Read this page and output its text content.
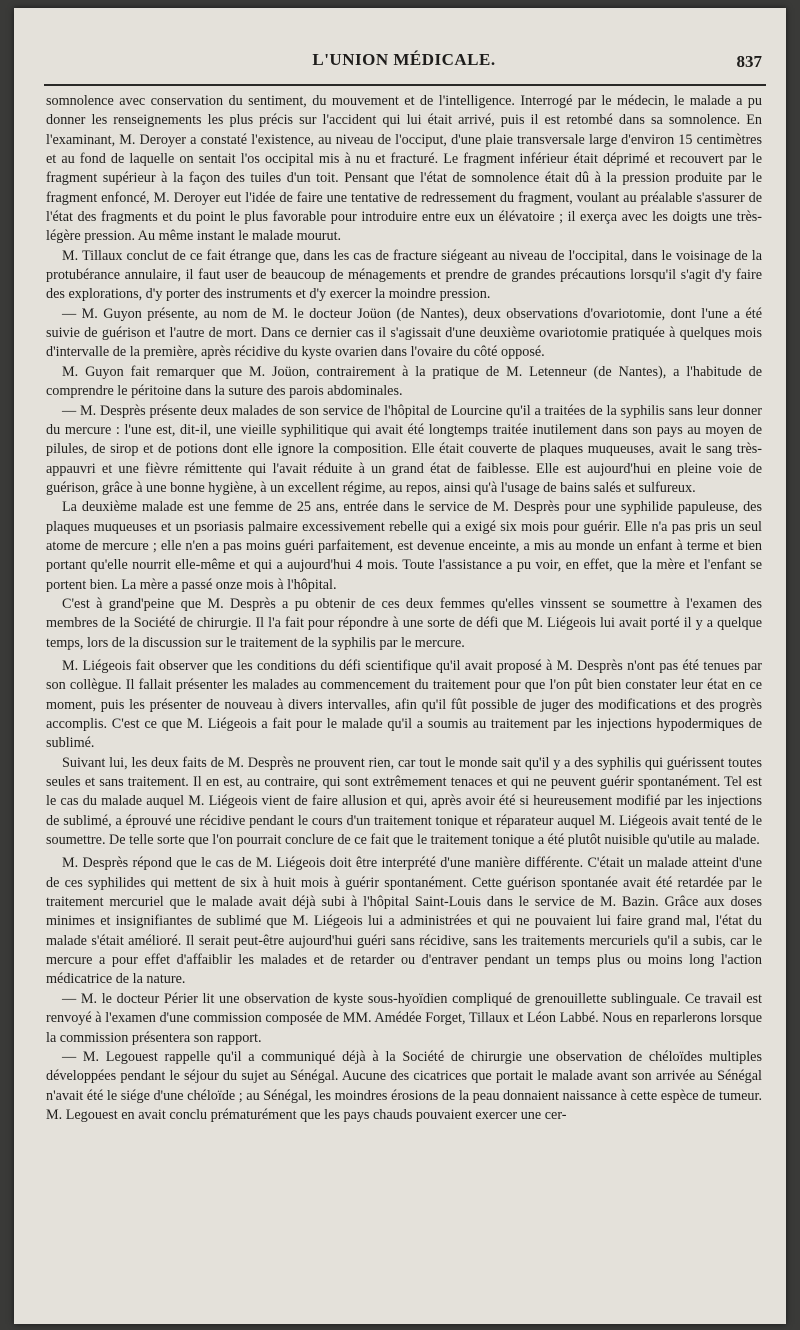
L'UNION MÉDICALE.	837

somnolence avec conservation du sentiment, du mouvement et de l'intelligence. Interrogé par le médecin, le malade a pu donner les renseignements les plus précis sur l'accident qui lui était arrivé, puis il est retombé dans sa somnolence. En l'examinant, M. Deroyer a constaté l'existence, au niveau de l'occiput, d'une plaie transversale large d'environ 15 centimètres et au fond de laquelle on sentait l'os occipital mis à nu et fracturé. Le fragment inférieur était déprimé et recouvert par le fragment supérieur à la façon des tuiles d'un toit. Pensant que l'état de somnolence était dû à la pression produite par le fragment enfoncé, M. Deroyer eut l'idée de faire une tentative de redressement du fragment, voulant au préalable s'assurer de l'état des fragments et du point le plus favorable pour introduire entre eux un élévatoire ; il exerça avec les doigts une très-légère pression. Au même instant le malade mourut.

M. Tillaux conclut de ce fait étrange que, dans les cas de fracture siégeant au niveau de l'occipital, dans le voisinage de la protubérance annulaire, il faut user de beaucoup de ménagements et prendre de grandes précautions lorsqu'il s'agit d'y faire des explorations, d'y porter des instruments et d'y exercer la moindre pression.

— M. Guyon présente, au nom de M. le docteur Joüon (de Nantes), deux observations d'ovariotomie, dont l'une a été suivie de guérison et l'autre de mort. Dans ce dernier cas il s'agissait d'une deuxième ovariotomie pratiquée à quelques mois d'intervalle de la première, après récidive du kyste ovarien dans l'ovaire du côté opposé.

M. Guyon fait remarquer que M. Joüon, contrairement à la pratique de M. Letenneur (de Nantes), a l'habitude de comprendre le péritoine dans la suture des parois abdominales.

— M. Desprès présente deux malades de son service de l'hôpital de Lourcine qu'il a traitées de la syphilis sans leur donner du mercure : l'une est, dit-il, une vieille syphilitique qui avait été longtemps traitée inutilement dans son pays au moyen de pilules, de sirop et de potions dont elle ignore la composition. Elle était couverte de plaques muqueuses, avait le sang très-appauvri et une fièvre rémittente qui l'avait réduite à un grand état de faiblesse. Elle est aujourd'hui en pleine voie de guérison, grâce à une bonne hygiène, à un excellent régime, au repos, ainsi qu'à l'usage de bains salés et sulfureux.

La deuxième malade est une femme de 25 ans, entrée dans le service de M. Desprès pour une syphilide papuleuse, des plaques muqueuses et un psoriasis palmaire excessivement rebelle qui a exigé six mois pour guérir. Elle n'a pas pris un seul atome de mercure ; elle n'en a pas moins guéri parfaitement, est devenue enceinte, a mis au monde un enfant à terme et bien portant qu'elle nourrit elle-même et qui a aujourd'hui 4 mois. Toute l'assistance a pu voir, en effet, que la mère et l'enfant se portent bien. La mère a passé onze mois à l'hôpital.

C'est à grand'peine que M. Desprès a pu obtenir de ces deux femmes qu'elles vinssent se soumettre à l'examen des membres de la Société de chirurgie. Il l'a fait pour répondre à une sorte de défi que M. Liégeois lui avait porté il y a quelque temps, lors de la discussion sur le traitement de la syphilis par le mercure.

M. Liégeois fait observer que les conditions du défi scientifique qu'il avait proposé à M. Desprès n'ont pas été tenues par son collègue. Il fallait présenter les malades au commencement du traitement pour que l'on pût bien constater leur état en ce moment, puis les présenter de nouveau à divers intervalles, afin qu'il fût possible de juger des modifications et des progrès accomplis. C'est ce que M. Liégeois a fait pour le malade qu'il a soumis au traitement par les injections hypodermiques de sublimé.

Suivant lui, les deux faits de M. Desprès ne prouvent rien, car tout le monde sait qu'il y a des syphilis qui guérissent toutes seules et sans traitement. Il en est, au contraire, qui sont extrêmement tenaces et qui ne peuvent guérir spontanément. Tel est le cas du malade auquel M. Liégeois vient de faire allusion et qui, après avoir été si heureusement modifié par les injections de sublimé, a éprouvé une récidive pendant le cours d'un traitement tonique et réparateur auquel M. Liégeois avait tenté de le soumettre. De telle sorte que l'on pourrait conclure de ce fait que le traitement tonique a été plutôt nuisible qu'utile au malade.

M. Desprès répond que le cas de M. Liégeois doit être interprété d'une manière différente. C'était un malade atteint d'une de ces syphilides qui mettent de six à huit mois à guérir spontanément. Cette guérison spontanée avait été retardée par le traitement mercuriel que le malade avait déjà subi à l'hôpital Saint-Louis dans le service de M. Bazin. Grâce aux doses minimes et insignifiantes de sublimé que M. Liégeois lui a administrées et qui ne pouvaient lui faire grand mal, l'état du malade s'était amélioré. Il serait peut-être aujourd'hui guéri sans récidive, sans les traitements mercuriels qu'il a subis, car le mercure a pour effet d'affaiblir les malades et de retarder ou d'entraver pendant un temps plus ou moins long l'action médicatrice de la nature.

— M. le docteur Périer lit une observation de kyste sous-hyoïdien compliqué de grenouillette sublinguale. Ce travail est renvoyé à l'examen d'une commission composée de MM. Amédée Forget, Tillaux et Léon Labbé. Nous en reparlerons lorsque la commission présentera son rapport.

— M. Legouest rappelle qu'il a communiqué déjà à la Société de chirurgie une observation de chéloïdes multiples développées pendant le séjour du sujet au Sénégal. Aucune des cicatrices que portait le malade avant son arrivée au Sénégal n'avait été le siége d'une chéloïde ; au Sénégal, les moindres érosions de la peau donnaient naissance à cette espèce de tumeur. M. Legouest en avait conclu prématurément que les pays chauds pouvaient exercer une cer-
